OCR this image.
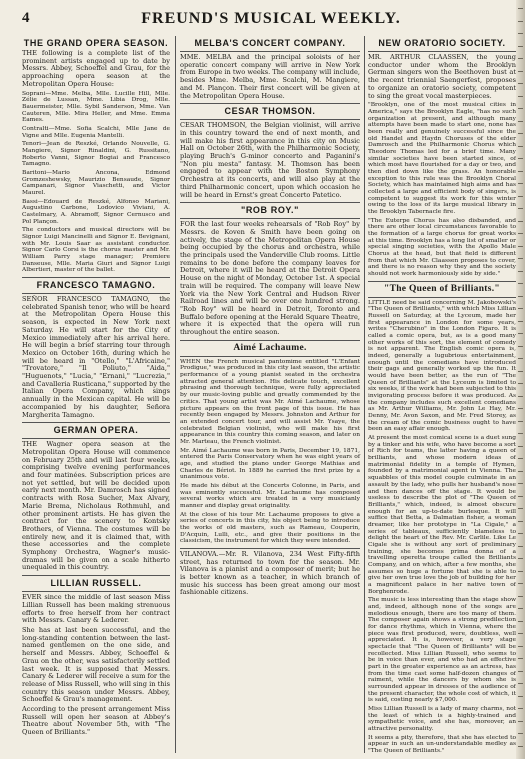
4	FREUND'S MUSICAL WEEKLY.
THE GRAND OPERA SEASON.

THE following is a complete list of the prominent artists engaged up to date by Messrs. Abbey, Schoeffel and Grau, for the approaching opera season at the Metropolitan Opera House:

Soprani—Mme. Melba, Mlle. Lucille Hill, Mlle. Zélie de Lussan, Mme. Libia Drog, Mlle. Bauermeister, Mlle. Sybil Sanderson, Mme. Van Cauteren, Mlle. Mira Heller, and Mme. Emma Eames.

Contralti—Mme. Sofia Scalchi, Mlle Jane de Vigne and Mlle. Eugenia Mantelli.

Tenori—Jean de Reszké, Orlando Nouvelle, G. Mangiere, Signor Rinaldini, G. Russitano, Roberto Vanni, Signor Bogiai and Francesco Tamagno.

Baritoni—Mario Ancona, Edmond Gromzeshewsky, Maurizio Bensaude, Signor Campanari, Signor Viaschetti, and Victor Maurel.

Bassi—Edouard de Reszké, Alfonso Mariani, Augustino Carbone, Lodovico Viviani, A. Castelmary, A. Abramoff, Signor Cernusco and Pol Plançon.

The conductors and musical directors will be Signor Luigi Mancinelli and Signor E. Bevignani, with Mr. Louis Saar as assistant conductor. Signor Carlo Corsi is the chorus master and Mr. William Parry stage manager; Premiere Danseuse, Mlle. Maria Giuri and Signor Luigi Albertieri, master of the ballet.

FRANCESCO TAMAGNO.

SEÑOR FRANCESCO TAMAGNO, the celebrated Spanish tenor, who will be heard at the Metropolitan Opera House this season, is expected in New York next Saturday. He will start for the City of Mexico immediately after his arrival here. He will begin a brief starring tour through Mexico on October 16th, during which he will be heard in "Otello," "L'Africaine," "Trovatore," "Il Poliuto," "Aida," "Huguenots," "Lucia," "Ernani," "Lucrezia," and Cavalleria Rusticana," supported by the Italian Opera Company, which sings annually in the Mexican capital. He will be accompanied by his daughter, Señora Margherita Tamagno.

GERMAN OPERA.

THE Wagner opera season at the Metropolitan Opera House will commence on February 25th and will last four weeks, comprising twelve evening performances and four matinées. Subscription prices are not yet settled, but will be decided upon early next month. Mr. Damrosch has signed contracts with Rosa Sucher, Max Alvary, Marie Brema, Nicholaus Rothmuhl, and other prominent artists. He has given the contract for the scenery to Kontsky Brothers, of Vienna. The costumes will be entirely new, and it is claimed that, with these accessories and the complete Symphony Orchestra, Wagner's music-dramas will be given on a scale hitherto unequaled in this country.

LILLIAN RUSSELL.

EVER since the middle of last season Miss Lillian Russell has been making strenuous efforts to free herself from her contract with Messrs. Canary & Lederer.

She has at last been successful, and the long-standing contention between the last-named gentlemen on the one side, and herself and Messrs. Abbey, Schoeffel & Grau on the other, was satisfactorily settled last week. It is supposed that Messrs. Canary & Lederer will receive a sum for the release of Miss Russell, who will sing in this country this season under Messrs. Abbey, Schoeffel & Grau's management.

According to the present arrangement Miss Russell will open her season at Abbey's Theatre about November 5th, with "The Queen of Brilliants."

MELBA'S CONCERT COMPANY.

MME. MELBA and the principal soloists of her operatic concert company will arrive in New York from Europe in two weeks. The company will include, besides Mme. Melba, Mme. Scalchi, M. Mangiere, and M. Plançon. Their first concert will be given at the Metropolitan Opera House.

CESAR THOMSON.

CESAR THOMSON, the Belgian violinist, will arrive in this country toward the end of next month, and will make his first appearance in this city on Music Hall on October 26th, with the Philharmonic Society, playing Bruch's G-minor concerto and Paganini's "Non piu mesta" fantasy. M. Thomson has been engaged to appear with the Boston Symphony Orchestra at its concerts, and will also play at the third Philharmonic concert, upon which occasion he will be heard in Ernst's great Concerto Patetico.

"ROB ROY."

FOR the last four weeks rehearsals of "Rob Roy" by Messrs. de Koven & Smith have been going on actively, the stage of the Metropolitan Opera House being occupied by the chorus and orchestra, while the principals used the Vanderville Club rooms. Little remains to be done before the company leaves for Detroit, where it will be heard at the Detroit Opera House on the night of Monday, October 1st. A special train will be required. The company will leave New York via the New York Central and Hudson River Railroad lines and will be over one hundred strong. "Rob Roy" will be heard in Detroit, Toronto and Buffalo before opening at the Herald Square Theatre, where it is expected that the opera will run throughout the entire season.

Aimé Lachaume.

WHEN the French musical pantomime entitled "L'Enfant Prodigue," was produced in this city last season, the artistic performance of a young pianist seated in the orchestra attracted general attention. His delicate touch, excellent phrasing and thorough technique, were fully appreciated by our music-loving public and greatly commended by the critics. That young artist was Mr. Aimé Lachaume, whose picture appears on the front page of this issue. He has recently been engaged by Messrs. Johnston and Arthur for an extended concert tour, and will assist Mr. Ysaye, the celebrated Belgian violinist, who will make his first appearance in this country this coming season, and later on Mr. Marteau, the French violinist.

Mr. Aimé Lachaume was born in Paris, December 19, 1871, entered the Paris Conservatory when he was eight years of age, and studied the piano under George Mathias and Charles de Bériot. In 1889 he carried the first prize by a unanimous vote.

He made his début at the Concerts Colonne, in Paris, and was eminently successful. Mr. Lachaume has composed several works which are treated in a very musicianly manner and display great originality.

At the close of his tour Mr. Lachaume proposes to give a series of concerts in this city, his object being to introduce the works of old masters, such as Rameau, Couperin, D'Acquin, Lulli, etc., and give their positions in the classicism, the instrument for which they were intended.

VILANOVA.—Mr. R. Vilanova, 234 West Fifty-fifth street, has returned to town for the season. Mr. Vilanova is a pianist and a composer of merit; but he is better known as a teacher, in which branch of music his success has been great among our most fashionable citizens.

NEW ORATORIO SOCIETY.

MR. ARTHUR CLAASSEN, the young conductor under whom the Brooklyn German singers won the Beethoven bust at the recent triennial Saengerfest, proposes to organize an oratorio society, competent to sing the great vocal masterpieces.

"Brooklyn, one of the most musical cities in America," says the Brooklyn Eagle, "has no such organization at present, and although many attempts have been made to start one, none has been really and genuinely successful since the old Handel and Haydn Choruses of the elder Damrosch and the Philharmonic Chorus which Theodore Thomas led for a brief time. Many similar societies have been started since, of which most have flourished for a day or two, and then died down like the grass. An honorable exception to this rule was the Brooklyn Choral Society, which has maintained high aims and has collected a large and efficient body of singers, is competent to suggest its work for this winter owing to the loss of its large musical library in the Brooklyn Tabernacle fire.

"The Euterpe Chorus has also disbanded, and there are other local circumstances favorable to the formation of a large chorus for great works at this time. Brooklyn has a long list of smaller or special singing societies, with the Apollo Male Chorus at the head, but that field is different from that which Mr. Claassen proposes to cover, and there is no reason why they and the society should not work harmoniously side by side."

"The Queen of Brilliants."

LITTLE need be said concerning M. Jakobowski's "The Queen of Brilliants," with which Miss Lillian Russell on Saturday, at the Lyceum, made her first appearance in London for some years, writes "Cherubino" in the London Figaro. It is called a comic opera, but, as is a good many other works of this sort, the element of comedy is not apparent. The English comic opera is, indeed, generally a lugubrious entertainment, enough until the comedians have introduced their gags and generally worked up the fun. It would have been better, as the run of "The Queen of Brilliants" at the Lyceum is limited to six weeks, if the work had been subjected to this invigorating process before it was produced. As the company includes such excellent comedians as Mr. Arthur Williams, Mr. John Le Hay, Mr. Denny, Mr. Avon Saxon, and Mr. Fred Storey, as the cream of the comic business ought to have been an easy affair enough.

At present the most comical scene is a duet sung by a tinker and his wife, who have become a sort of Rich for teams, the latter having a queen of brilliants, and whose modern ideas of matrimonial fidelity in a temple of Hymen, founded by a matrimonial agent in Vienna. The squabbles of this model couple culminate in an assault by the lady, who pulls her husband's nose and then dances off the stage. It would be useless to describe the plot of "The Queen of Brilliants," which, indeed, is almost obscure enough for an up-to-date burlesque. It will suffice that Betta, a Dalmatian fisher, a woman dreamer, like her prototype in "La Cigale," a series of tableaux, sufficiently blameless to delight the heart of the Rev. Mr. Carlile. Like Le Cigale she is without any sort of preliminary training, she becomes prima donna of a travelling operetta troupe called the Brilliants Company, and on which, after a few months, she assumes so huge a fortune that she is able to give her own true love the job of building for her a magnificent palace in her native town of Borghenrode.

The music is less interesting than the stage show and, indeed, although none of the songs are melodious enough, there are too many of them. The composer again shows a strong predilection for dance rhythms, which in Vienna, where the piece was first produced, were, doubtless, well appreciated. It is, however, a very stage spectacle that "The Queen of Brilliants" will be recollected. Miss Lillian Russell, who seems to be in voice than ever, and who had an effective part in the greater experience as an actress, has from the time cast some half-dozen changes of raiment, while the dancers by whom she is surrounded appear in dresses of the audience of the present character, the whole cost of which, it is said, costing nearly $7,000.

Miss Lillian Russell is a lady of many charms, not the least of which is a highly-trained and sympathetic voice, and she has, moreover, an attractive personality.

It seems a pity, therefore, that she has elected to appear in such an un-understandable medley as "The Queen of Brilliants."
